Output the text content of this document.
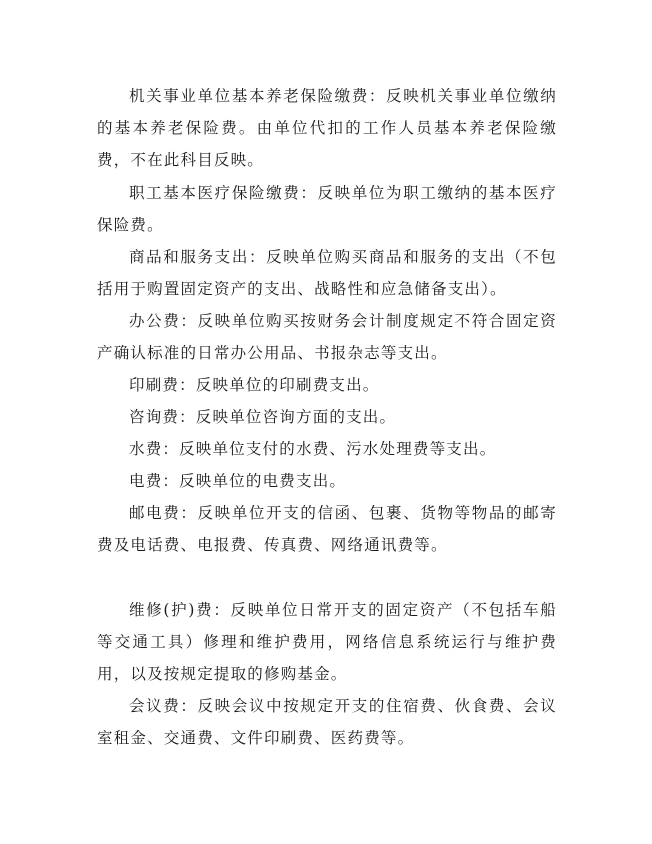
机关事业单位基本养老保险缴费：反映机关事业单位缴纳的基本养老保险费。由单位代扣的工作人员基本养老保险缴费，不在此科目反映。

职工基本医疗保险缴费：反映单位为职工缴纳的基本医疗保险费。

商品和服务支出：反映单位购买商品和服务的支出（不包括用于购置固定资产的支出、战略性和应急储备支出）。

办公费：反映单位购买按财务会计制度规定不符合固定资产确认标准的日常办公用品、书报杂志等支出。

印刷费：反映单位的印刷费支出。

咨询费：反映单位咨询方面的支出。

水费：反映单位支付的水费、污水处理费等支出。

电费：反映单位的电费支出。

邮电费：反映单位开支的信函、包裹、货物等物品的邮寄费及电话费、电报费、传真费、网络通讯费等。

维修(护)费：反映单位日常开支的固定资产（不包括车船等交通工具）修理和维护费用，网络信息系统运行与维护费用，以及按规定提取的修购基金。

会议费：反映会议中按规定开支的住宿费、伙食费、会议室租金、交通费、文件印刷费、医药费等。
